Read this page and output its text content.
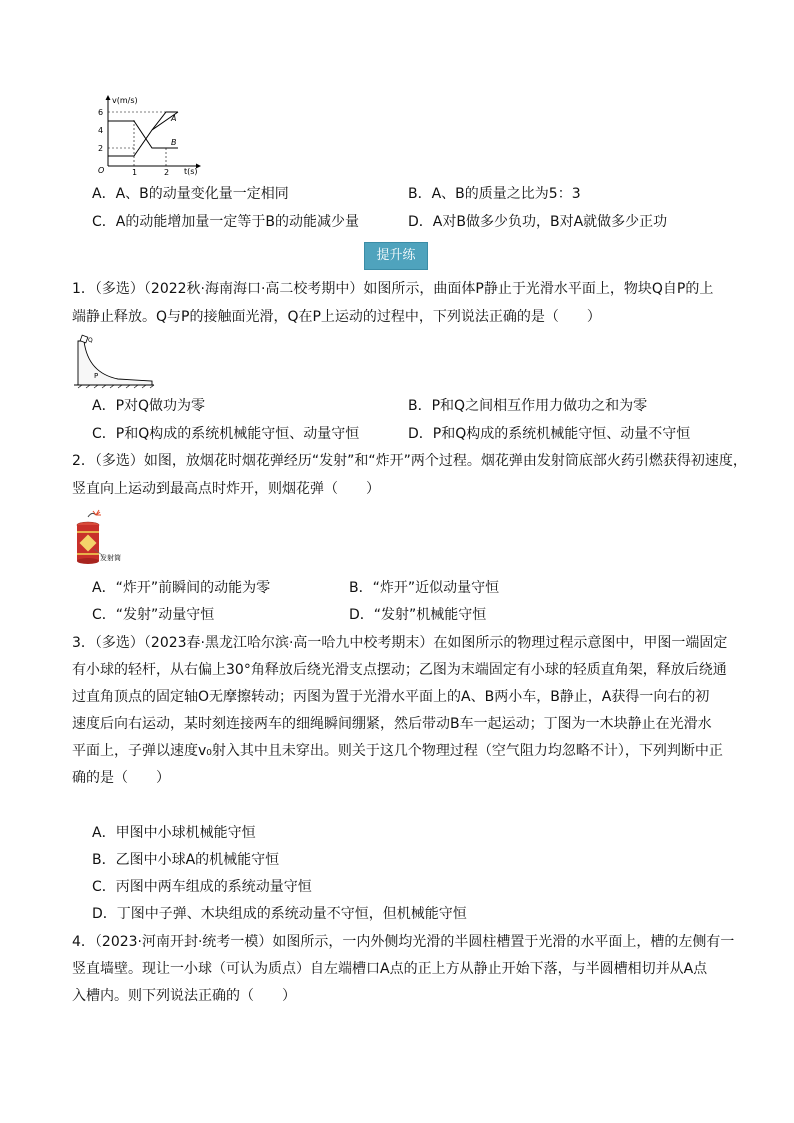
v(m/s)
t(s)
6
4
2
1	2
O
A
B
A．A、B的动量变化量一定相同	B．A、B的质量之比为5：3
C．A的动能增加量一定等于B的动能减少量	D．A对B做多少负功，B对A就做多少正功
提升练
1．（多选）（2022秋·海南海口·高二校考期中）如图所示，曲面体P静止于光滑水平面上，物块Q自P的上
端静止释放。Q与P的接触面光滑，Q在P上运动的过程中，下列说法正确的是（　　）
Q
P
A．P对Q做功为零	B．P和Q之间相互作用力做功之和为零
C．P和Q构成的系统机械能守恒、动量守恒	D．P和Q构成的系统机械能守恒、动量不守恒
2．（多选）如图，放烟花时烟花弹经历“发射”和“炸开”两个过程。烟花弹由发射筒底部火药引燃获得初速度，
竖直向上运动到最高点时炸开，则烟花弹（　　）
发射筒
A．“炸开”前瞬间的动能为零	B．“炸开”近似动量守恒
C．“发射”动量守恒	D．“发射”机械能守恒
3．（多选）（2023春·黑龙江哈尔滨·高一哈九中校考期末）在如图所示的物理过程示意图中，甲图一端固定
有小球的轻杆，从右偏上30°角释放后绕光滑支点摆动；乙图为末端固定有小球的轻质直角架，释放后绕通
过直角顶点的固定轴O无摩擦转动；丙图为置于光滑水平面上的A、B两小车，B静止，A获得一向右的初
速度后向右运动，某时刻连接两车的细绳瞬间绷紧，然后带动B车一起运动；丁图为一木块静止在光滑水
平面上，子弹以速度v₀射入其中且未穿出。则关于这几个物理过程（空气阻力均忽略不计），下列判断中正
确的是（　　）
A．甲图中小球机械能守恒
B．乙图中小球A的机械能守恒
C．丙图中两车组成的系统动量守恒
D．丁图中子弹、木块组成的系统动量不守恒，但机械能守恒
4．（2023·河南开封·统考一模）如图所示，一内外侧均光滑的半圆柱槽置于光滑的水平面上，槽的左侧有一
竖直墙壁。现让一小球（可认为质点）自左端槽口A点的正上方从静止开始下落，与半圆槽相切并从A点
入槽内。则下列说法正确的（　　）
